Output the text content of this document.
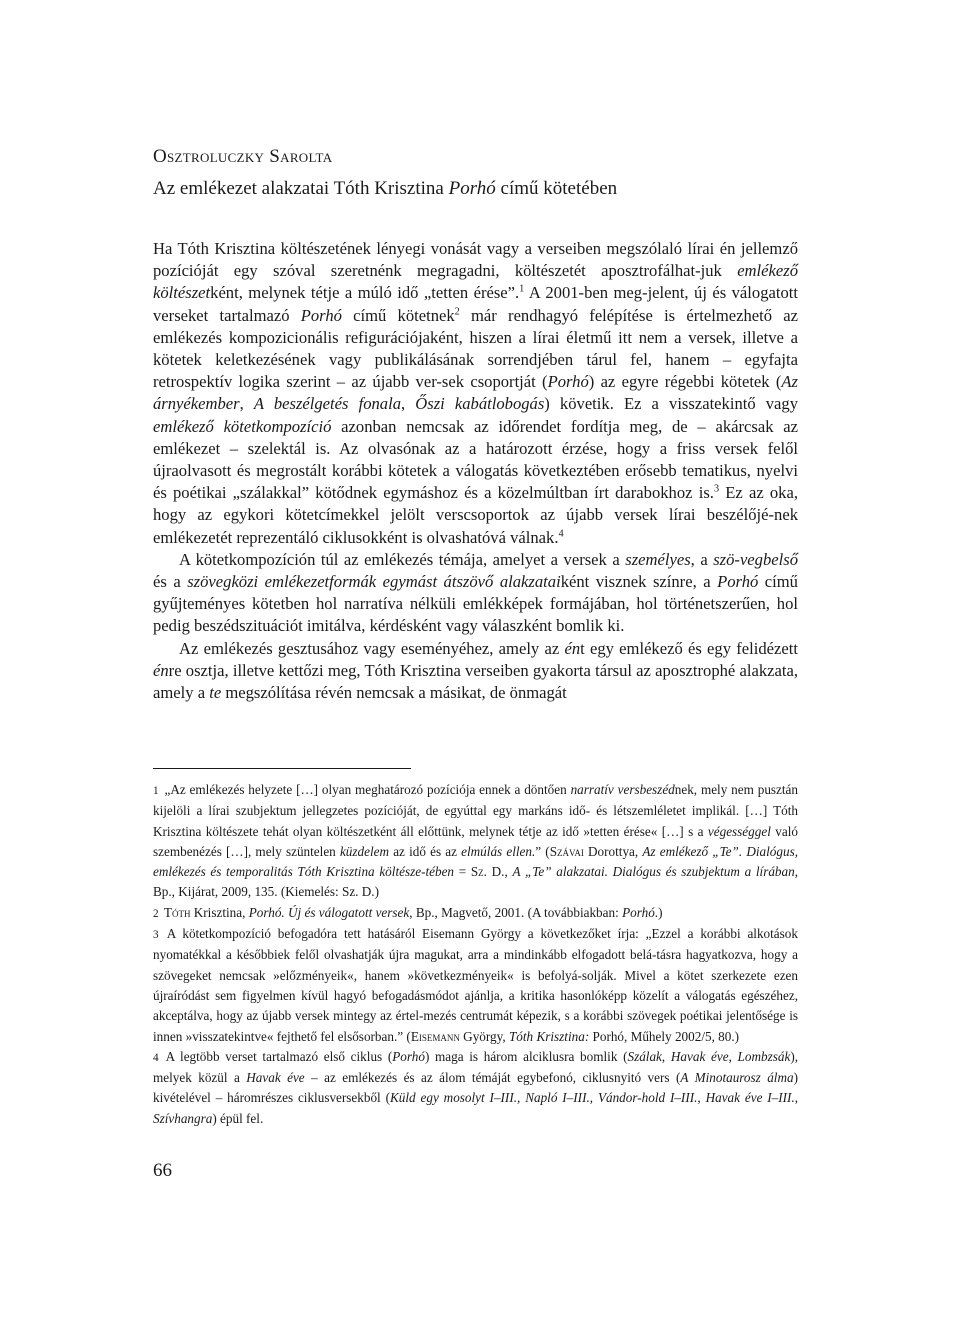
Osztroluczky Sarolta
Az emlékezet alakzatai Tóth Krisztina Porhó című kötetében

Ha Tóth Krisztina költészetének lényegi vonását vagy a verseiben megszólaló lírai én jellemző pozícióját egy szóval szeretnénk megragadni, költészetét aposztrofálhat-juk emlékező költészetként, melynek tétje a múló idő „tetten érése”.$^1$ A 2001-ben meg-jelent, új és válogatott verseket tartalmazó Porhó című kötetnek$^2$ már rendhagyó felépítése is értelmezhető az emlékezés kompozicionális refigurációjaként, hiszen a lírai életmű itt nem a versek, illetve a kötetek keletkezésének vagy publikálásának sorrendjében tárul fel, hanem – egyfajta retrospektív logika szerint – az újabb ver-sek csoportját (Porhó) az egyre régebbi kötetek (Az árnyékember, A beszélgetés fonala, Őszi kabátlobogás) követik. Ez a visszatekintő vagy emlékező kötetkompozíció azonban nemcsak az időrendet fordítja meg, de – akárcsak az emlékezet – szelektál is. Az olvasónak az a határozott érzése, hogy a friss versek felől újraolvasott és megrostált korábbi kötetek a válogatás következtében erősebb tematikus, nyelvi és poétikai „szálakkal” kötődnek egymáshoz és a közelmúltban írt darabokhoz is.$^3$ Ez az oka, hogy az egykori kötetcímekkel jelölt verscsoportok az újabb versek lírai beszélőjé-nek emlékezetét reprezentáló ciklusokként is olvashatóvá válnak.$^4$

A kötetkompozíción túl az emlékezés témája, amelyet a versek a személyes, a szö-vegbelső és a szövegközi emlékezetformák egymást átszövő alakzataiként visznek színre, a Porhó című gyűjteményes kötetben hol narratíva nélküli emlékképek formájában, hol történetszerűen, hol pedig beszédszituációt imitálva, kérdésként vagy válaszként bomlik ki.

Az emlékezés gesztusához vagy eseményéhez, amely az ént egy emlékező és egy felidézett énre osztja, illetve kettőzi meg, Tóth Krisztina verseiben gyakorta társul az aposztrophé alakzata, amely a te megszólítása révén nemcsak a másikat, de önmagát

1 „Az emlékezés helyzete […] olyan meghatározó pozíciója ennek a döntően narratív versbeszédnek, mely nem pusztán kijelöli a lírai szubjektum jellegzetes pozícióját, de egyúttal egy markáns idő- és létszemléletet implikál. […] Tóth Krisztina költészete tehát olyan költészetként áll előttünk, melynek tétje az idő »tetten érése« […] s a végességgel való szembenézés […], mely szüntelen küzdelem az idő és az elmúlás ellen.” (Szávai Dorottya, Az emlékező „Te”. Dialógus, emlékezés és temporalitás Tóth Krisztina költésze-tében = Sz. D., A „Te” alakzatai. Dialógus és szubjektum a lírában, Bp., Kijárat, 2009, 135. (Kiemelés: Sz. D.)

2 Tóth Krisztina, Porhó. Új és válogatott versek, Bp., Magvető, 2001. (A továbbiakban: Porhó.)

3 A kötetkompozíció befogadóra tett hatásáról Eisemann György a következőket írja: „Ezzel a korábbi alkotások nyomatékkal a későbbiek felől olvashatják újra magukat, arra a mindinkább elfogadott belá-tásra hagyatkozva, hogy a szövegeket nemcsak »előzményeik«, hanem »következményeik« is befolyá-solják. Mivel a kötet szerkezete ezen újraíródást sem figyelmen kívül hagyó befogadásmódot ajánlja, a kritika hasonlóképp közelít a válogatás egészéhez, akceptálva, hogy az újabb versek mintegy az értel-mezés centrumát képezik, s a korábbi szövegek poétikai jelentősége is innen »visszatekintve« fejthető fel elsősorban.” (Eisemann György, Tóth Krisztina: Porhó, Műhely 2002/5, 80.)

4 A legtöbb verset tartalmazó első ciklus (Porhó) maga is három alciklusra bomlik (Szálak, Havak éve, Lombzsák), melyek közül a Havak éve – az emlékezés és az álom témáját egybefonó, ciklusnyitó vers (A Minotaurosz álma) kivételével – háromrészes ciklusversekből (Küld egy mosolyt I–III., Napló I–III., Vándor-hold I–III., Havak éve I–III., Szívhangra) épül fel.

66
